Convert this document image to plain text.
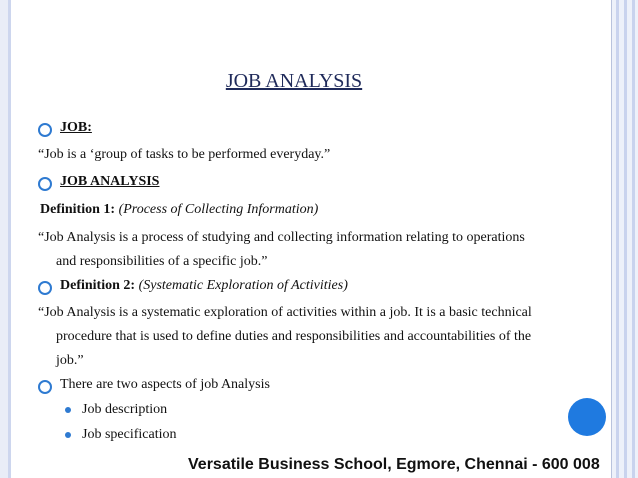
JOB ANALYSIS
JOB:
“Job is a ‘group of tasks to be performed everyday.”
JOB ANALYSIS
Definition 1: (Process of Collecting Information)
“Job Analysis is a process of studying and collecting information relating to operations
and responsibilities of a specific job.”
Definition 2: (Systematic Exploration of Activities)
“Job Analysis is a systematic exploration of activities within a job. It is a basic technical
procedure that is used to define duties and responsibilities and accountabilities of the
job.”
There are two aspects of job Analysis
Job description
Job specification
Versatile Business School, Egmore, Chennai - 600 008
